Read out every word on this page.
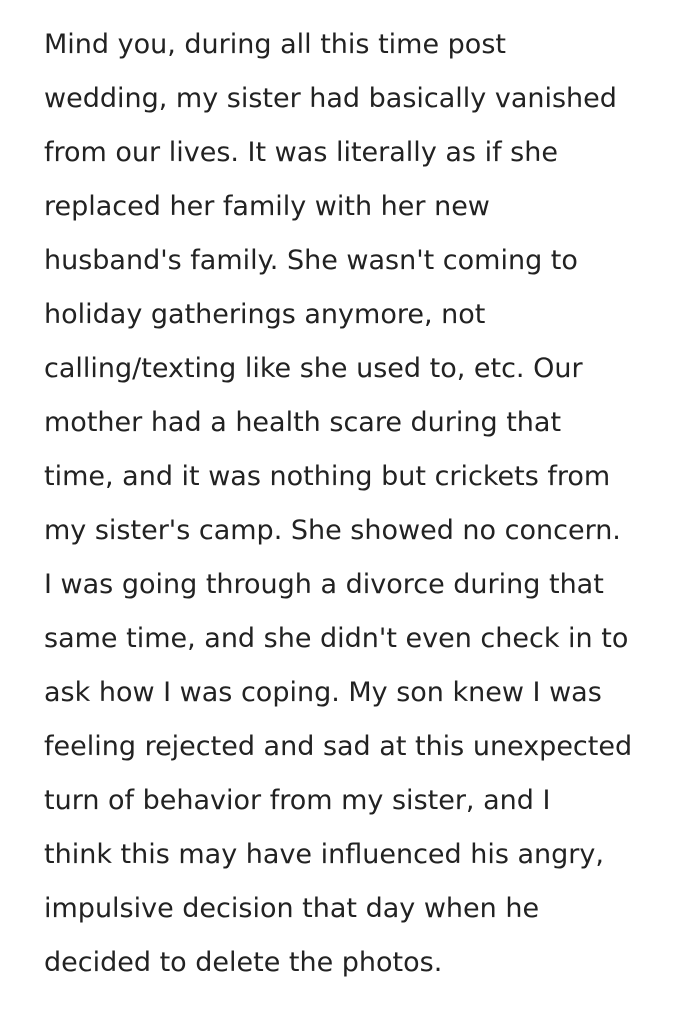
Mind you, during all this time post
wedding, my sister had basically vanished
from our lives. It was literally as if she
replaced her family with her new
husband's family. She wasn't coming to
holiday gatherings anymore, not
calling/texting like she used to, etc. Our
mother had a health scare during that
time, and it was nothing but crickets from
my sister's camp. She showed no concern.
I was going through a divorce during that
same time, and she didn't even check in to
ask how I was coping. My son knew I was
feeling rejected and sad at this unexpected
turn of behavior from my sister, and I
think this may have influenced his angry,
impulsive decision that day when he
decided to delete the photos.
